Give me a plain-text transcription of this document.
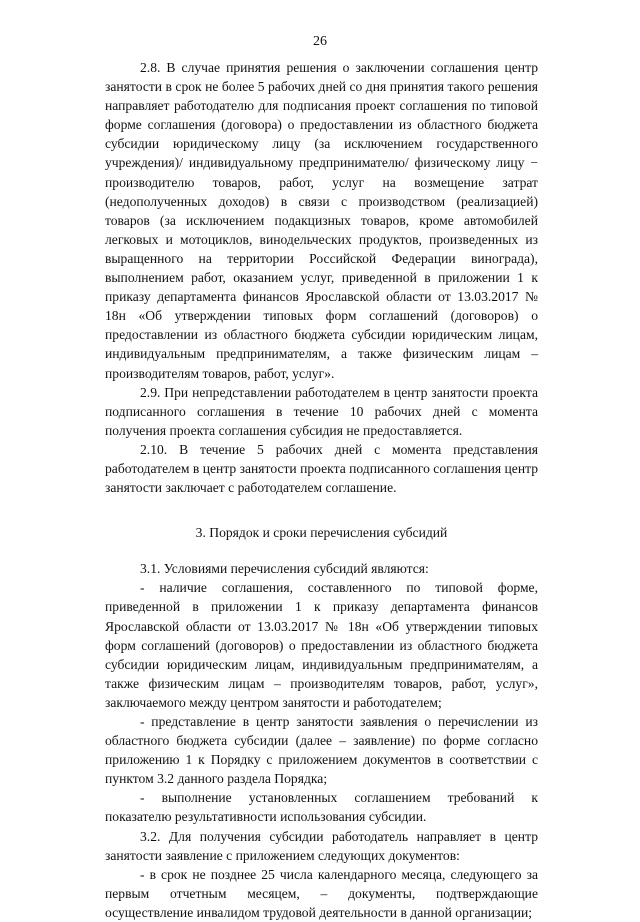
26

2.8. В случае принятия решения о заключении соглашения центр занятости в срок не более 5 рабочих дней со дня принятия такого решения направляет работодателю для подписания проект соглашения по типовой форме соглашения (договора) о предоставлении из областного бюджета субсидии юридическому лицу (за исключением государственного учреждения)/ индивидуальному предпринимателю/ физическому лицу − производителю товаров, работ, услуг на возмещение затрат (недополученных доходов) в связи с производством (реализацией) товаров (за исключением подакцизных товаров, кроме автомобилей легковых и мотоциклов, винодельческих продуктов, произведенных из выращенного на территории Российской Федерации винограда), выполнением работ, оказанием услуг, приведенной в приложении 1 к приказу департамента финансов Ярославской области от 13.03.2017 № 18н «Об утверждении типовых форм соглашений (договоров) о предоставлении из областного бюджета субсидии юридическим лицам, индивидуальным предпринимателям, а также физическим лицам – производителям товаров, работ, услуг».

2.9. При непредставлении работодателем в центр занятости проекта подписанного соглашения в течение 10 рабочих дней с момента получения проекта соглашения субсидия не предоставляется.

2.10. В течение 5 рабочих дней с момента представления работодателем в центр занятости проекта подписанного соглашения центр занятости заключает с работодателем соглашение.

3. Порядок и сроки перечисления субсидий

3.1. Условиями перечисления субсидий являются:

- наличие соглашения, составленного по типовой форме, приведенной в приложении 1 к приказу департамента финансов Ярославской области от 13.03.2017 № 18н «Об утверждении типовых форм соглашений (договоров) о предоставлении из областного бюджета субсидии юридическим лицам, индивидуальным предпринимателям, а также физическим лицам – производителям товаров, работ, услуг», заключаемого между центром занятости и работодателем;

- представление в центр занятости заявления о перечислении из областного бюджета субсидии (далее – заявление) по форме согласно приложению 1 к Порядку с приложением документов в соответствии с пунктом 3.2 данного раздела Порядка;

- выполнение установленных соглашением требований к показателю результативности использования субсидии.

3.2. Для получения субсидии работодатель направляет в центр занятости заявление с приложением следующих документов:

- в срок не позднее 25 числа календарного месяца, следующего за первым отчетным месяцем, – документы, подтверждающие осуществление инвалидом трудовой деятельности в данной организации;
